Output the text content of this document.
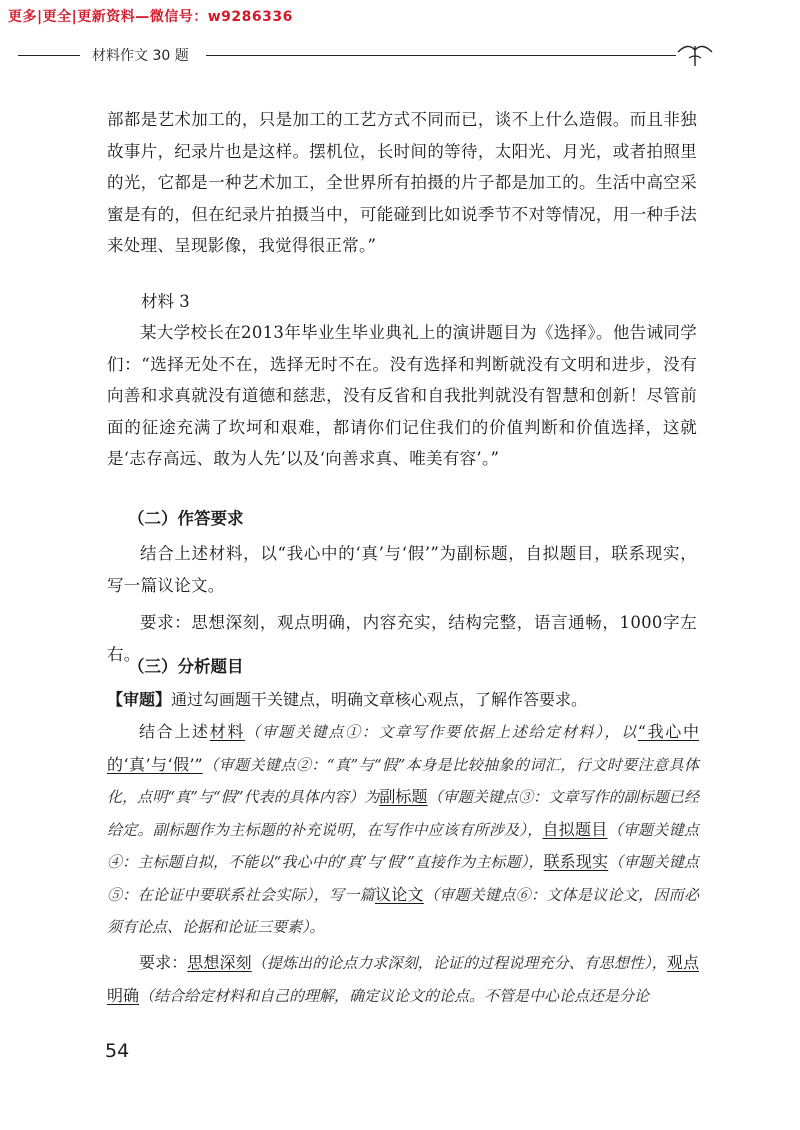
更多|更全|更新资料—微信号：w9286336
材料作文 30 题

部都是艺术加工的，只是加工的工艺方式不同而已，谈不上什么造假。而且非独故事片，纪录片也是这样。摆机位，长时间的等待，太阳光、月光，或者拍照里的光，它都是一种艺术加工，全世界所有拍摄的片子都是加工的。生活中高空采蜜是有的，但在纪录片拍摄当中，可能碰到比如说季节不对等情况，用一种手法来处理、呈现影像，我觉得很正常。”

材料 3

某大学校长在2013年毕业生毕业典礼上的演讲题目为《选择》。他告诫同学们：“选择无处不在，选择无时不在。没有选择和判断就没有文明和进步，没有向善和求真就没有道德和慈悲，没有反省和自我批判就没有智慧和创新！尽管前面的征途充满了坎坷和艰难，都请你们记住我们的价值判断和价值选择，这就是‘志存高远、敢为人先’以及‘向善求真、唯美有容’。”

（二）作答要求

结合上述材料，以“我心中的‘真’与‘假’”为副标题，自拟题目，联系现实，写一篇议论文。

要求：思想深刻，观点明确，内容充实，结构完整，语言通畅，1000字左右。

（三）分析题目
【审题】通过勾画题干关键点，明确文章核心观点，了解作答要求。

结合上述材料（审题关键点①：文章写作要依据上述给定材料），以“我心中的‘真’与‘假’”（审题关键点②：“真”与“假”本身是比较抽象的词汇，行文时要注意具体化，点明“真”与“假”代表的具体内容）为副标题（审题关键点③：文章写作的副标题已经给定。副标题作为主标题的补充说明，在写作中应该有所涉及），自拟题目（审题关键点④：主标题自拟，不能以“我心中的‘真’与‘假’”直接作为主标题），联系现实（审题关键点⑤：在论证中要联系社会实际），写一篇议论文（审题关键点⑥：文体是议论文，因而必须有论点、论据和论证三要素）。

要求：思想深刻（提炼出的论点力求深刻，论证的过程说理充分、有思想性），观点明确（结合给定材料和自己的理解，确定议论文的论点。不管是中心论点还是分论

54
